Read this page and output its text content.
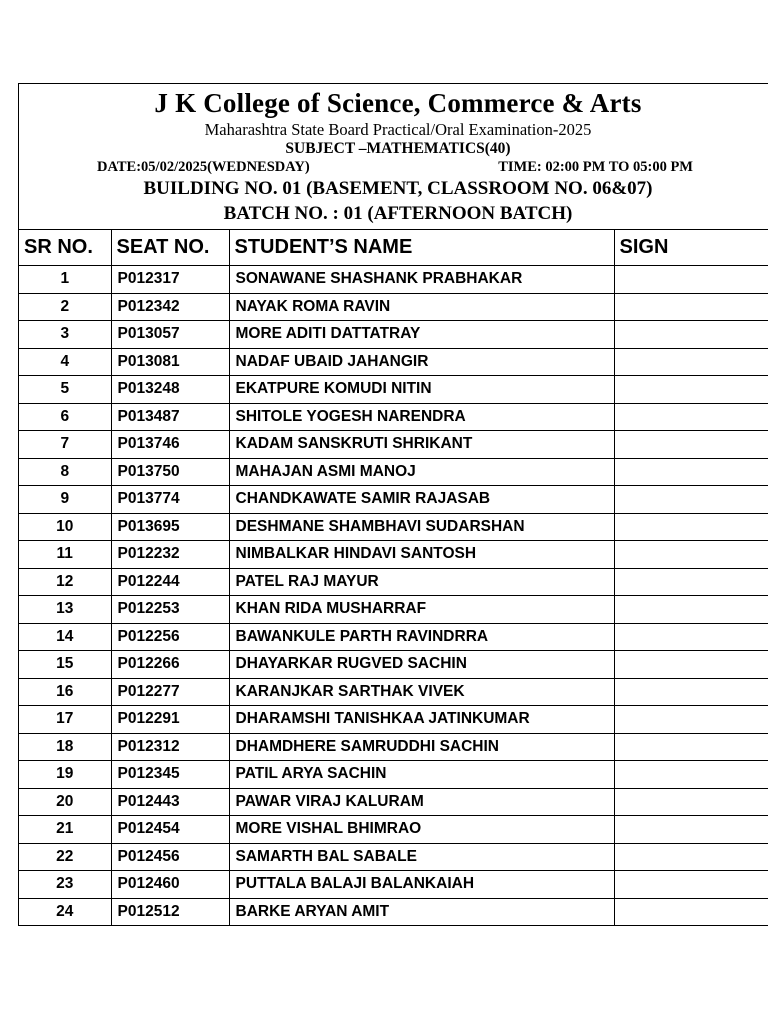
J K College of Science, Commerce & Arts
Maharashtra State Board Practical/Oral Examination-2025
SUBJECT –MATHEMATICS(40)
DATE:05/02/2025(WEDNESDAY)	TIME: 02:00 PM TO 05:00 PM
BUILDING NO. 01 (BASEMENT, CLASSROOM NO. 06&07)
BATCH NO. : 01 (AFTERNOON BATCH)
SR NO.	SEAT NO.	STUDENT’S NAME	SIGN
1	P012317	SONAWANE SHASHANK PRABHAKAR	
2	P012342	NAYAK ROMA RAVIN	
3	P013057	MORE ADITI DATTATRAY	
4	P013081	NADAF UBAID JAHANGIR	
5	P013248	EKATPURE KOMUDI NITIN	
6	P013487	SHITOLE YOGESH NARENDRA	
7	P013746	KADAM SANSKRUTI SHRIKANT	
8	P013750	MAHAJAN ASMI MANOJ	
9	P013774	CHANDKAWATE SAMIR RAJASAB	
10	P013695	DESHMANE SHAMBHAVI SUDARSHAN	
11	P012232	NIMBALKAR HINDAVI SANTOSH	
12	P012244	PATEL RAJ MAYUR	
13	P012253	KHAN RIDA MUSHARRAF	
14	P012256	BAWANKULE PARTH RAVINDRRA	
15	P012266	DHAYARKAR RUGVED SACHIN	
16	P012277	KARANJKAR SARTHAK VIVEK	
17	P012291	DHARAMSHI TANISHKAA JATINKUMAR	
18	P012312	DHAMDHERE SAMRUDDHI SACHIN	
19	P012345	PATIL ARYA SACHIN	
20	P012443	PAWAR VIRAJ KALURAM	
21	P012454	MORE VISHAL BHIMRAO	
22	P012456	SAMARTH BAL SABALE	
23	P012460	PUTTALA BALAJI BALANKAIAH	
24	P012512	BARKE ARYAN AMIT	
